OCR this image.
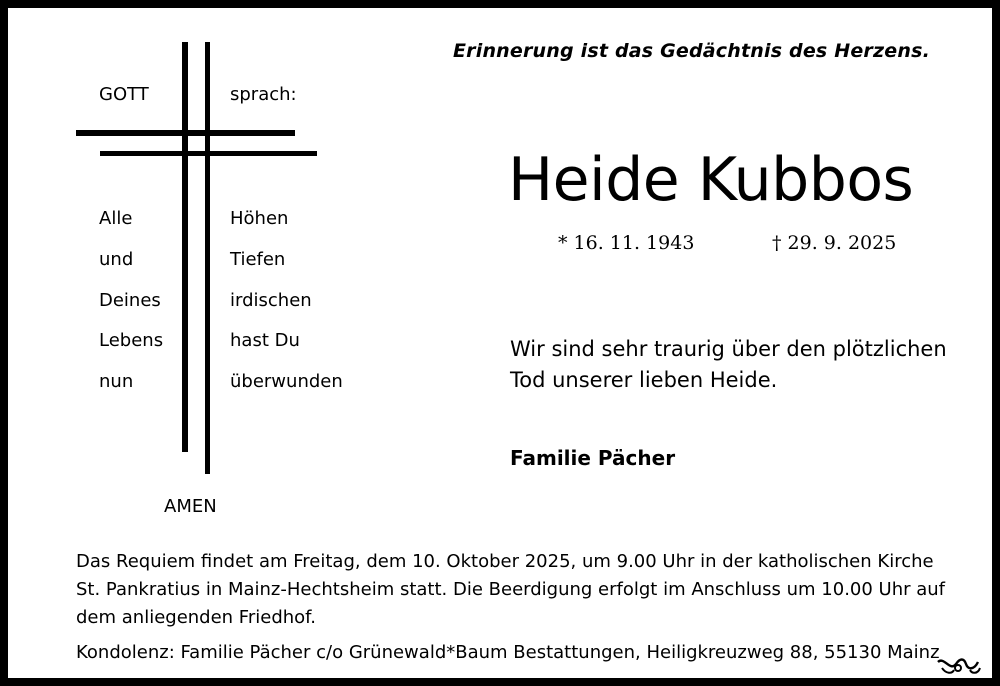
GOTT	sprach:
Alle
und
Deines
Lebens
nun
Höhen
Tiefen
irdischen
hast Du
überwunden
AMEN
Erinnerung ist das Gedächtnis des Herzens.
Heide Kubbos
* 16. 11. 1943	† 29. 9. 2025
Wir sind sehr traurig über den plötzlichen
Tod unserer lieben Heide.
Familie Pächer
Das Requiem findet am Freitag, dem 10. Oktober 2025, um 9.00 Uhr in der katholischen Kirche
St. Pankratius in Mainz-Hechtsheim statt. Die Beerdigung erfolgt im Anschluss um 10.00 Uhr auf
dem anliegenden Friedhof.
Kondolenz: Familie Pächer c/o Grünewald*Baum Bestattungen, Heiligkreuzweg 88, 55130 Mainz
